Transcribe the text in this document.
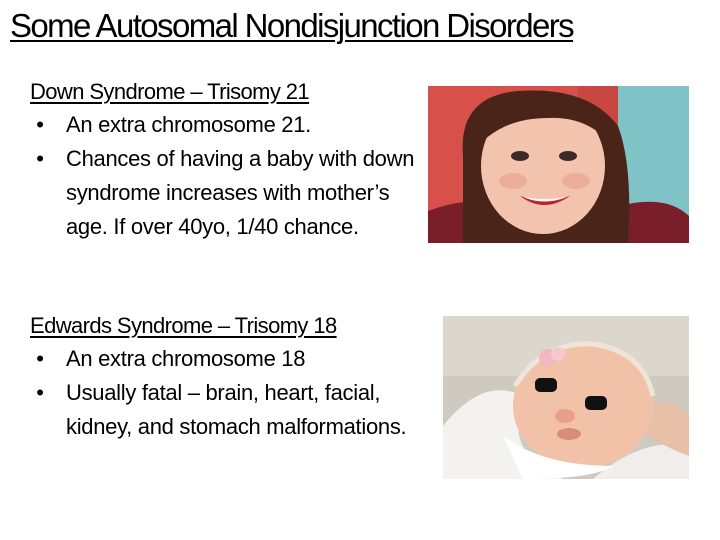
Some Autosomal Nondisjunction Disorders
Down Syndrome – Trisomy 21
• An extra chromosome 21.
• Chances of having a baby with down syndrome increases with mother’s age. If over 40yo, 1/40 chance.
Edwards Syndrome – Trisomy 18
• An extra chromosome 18
• Usually fatal – brain, heart, facial, kidney, and stomach malformations.
